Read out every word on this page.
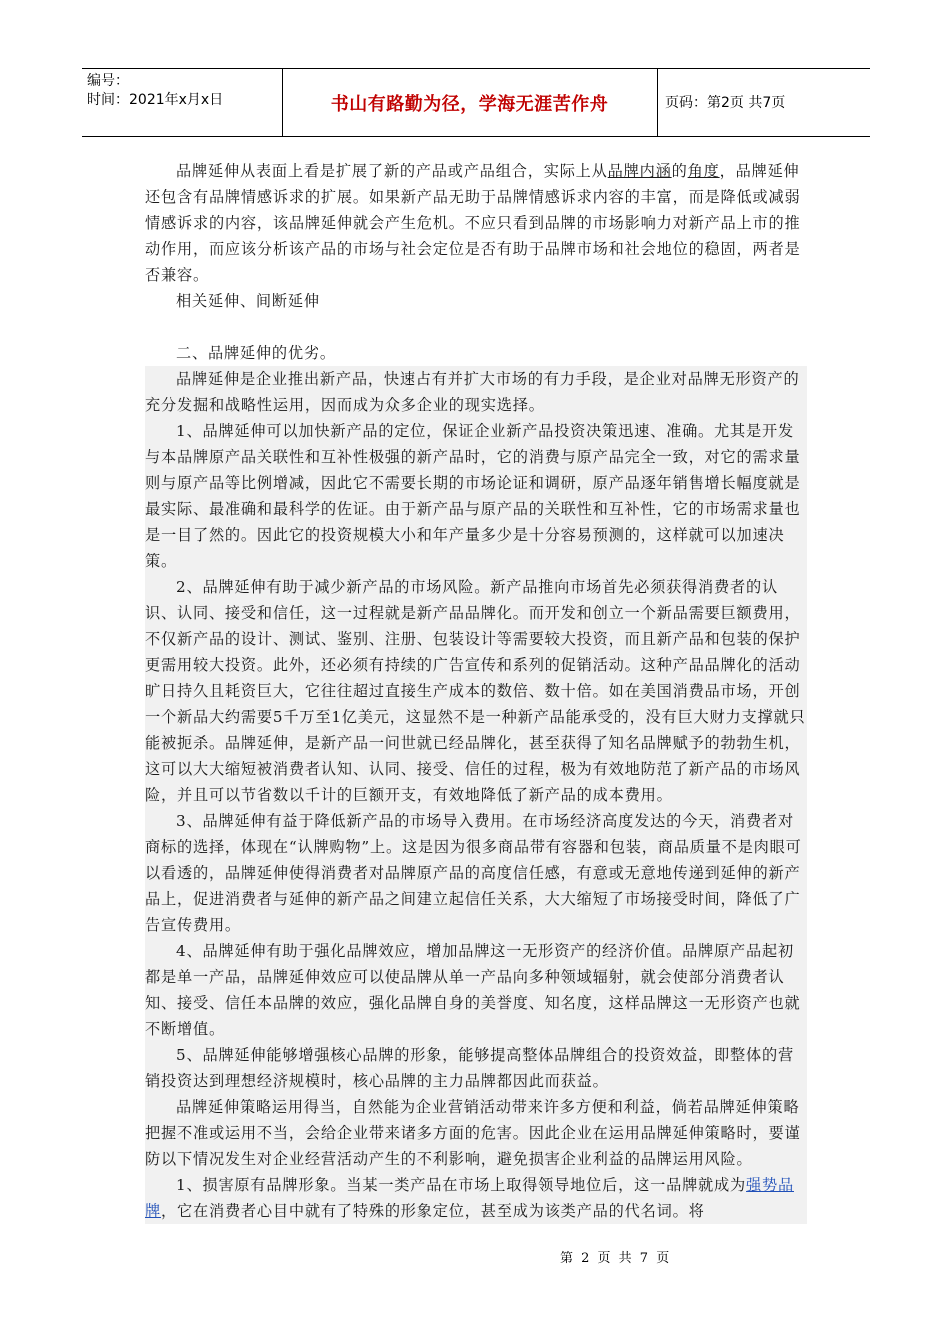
编号：
时间：2021年x月x日	书山有路勤为径，学海无涯苦作舟	页码：第2页 共7页

品牌延伸从表面上看是扩展了新的产品或产品组合，实际上从品牌内涵的角度，品牌延伸还包含有品牌情感诉求的扩展。如果新产品无助于品牌情感诉求内容的丰富，而是降低或减弱情感诉求的内容，该品牌延伸就会产生危机。不应只看到品牌的市场影响力对新产品上市的推动作用，而应该分析该产品的市场与社会定位是否有助于品牌市场和社会地位的稳固，两者是否兼容。

相关延伸、间断延伸

二、品牌延伸的优劣。

品牌延伸是企业推出新产品，快速占有并扩大市场的有力手段，是企业对品牌无形资产的充分发掘和战略性运用，因而成为众多企业的现实选择。

1、品牌延伸可以加快新产品的定位，保证企业新产品投资决策迅速、准确。尤其是开发与本品牌原产品关联性和互补性极强的新产品时，它的消费与原产品完全一致，对它的需求量则与原产品等比例增减，因此它不需要长期的市场论证和调研，原产品逐年销售增长幅度就是最实际、最准确和最科学的佐证。由于新产品与原产品的关联性和互补性，它的市场需求量也是一目了然的。因此它的投资规模大小和年产量多少是十分容易预测的，这样就可以加速决策。

2、品牌延伸有助于减少新产品的市场风险。新产品推向市场首先必须获得消费者的认识、认同、接受和信任，这一过程就是新产品品牌化。而开发和创立一个新品需要巨额费用，不仅新产品的设计、测试、鉴别、注册、包装设计等需要较大投资，而且新产品和包装的保护更需用较大投资。此外，还必须有持续的广告宣传和系列的促销活动。这种产品品牌化的活动旷日持久且耗资巨大，它往往超过直接生产成本的数倍、数十倍。如在美国消费品市场，开创一个新品大约需要5千万至1亿美元，这显然不是一种新产品能承受的，没有巨大财力支撑就只能被扼杀。品牌延伸，是新产品一问世就已经品牌化，甚至获得了知名品牌赋予的勃勃生机，这可以大大缩短被消费者认知、认同、接受、信任的过程，极为有效地防范了新产品的市场风险，并且可以节省数以千计的巨额开支，有效地降低了新产品的成本费用。

3、品牌延伸有益于降低新产品的市场导入费用。在市场经济高度发达的今天，消费者对商标的选择，体现在“认牌购物”上。这是因为很多商品带有容器和包装，商品质量不是肉眼可以看透的，品牌延伸使得消费者对品牌原产品的高度信任感，有意或无意地传递到延伸的新产品上，促进消费者与延伸的新产品之间建立起信任关系，大大缩短了市场接受时间，降低了广告宣传费用。

4、品牌延伸有助于强化品牌效应，增加品牌这一无形资产的经济价值。品牌原产品起初都是单一产品，品牌延伸效应可以使品牌从单一产品向多种领域辐射，就会使部分消费者认知、接受、信任本品牌的效应，强化品牌自身的美誉度、知名度，这样品牌这一无形资产也就不断增值。

5、品牌延伸能够增强核心品牌的形象，能够提高整体品牌组合的投资效益，即整体的营销投资达到理想经济规模时，核心品牌的主力品牌都因此而获益。

品牌延伸策略运用得当，自然能为企业营销活动带来许多方便和利益，倘若品牌延伸策略把握不准或运用不当，会给企业带来诸多方面的危害。因此企业在运用品牌延伸策略时，要谨防以下情况发生对企业经营活动产生的不利影响，避免损害企业利益的品牌运用风险。

1、损害原有品牌形象。当某一类产品在市场上取得领导地位后，这一品牌就成为强势品牌，它在消费者心目中就有了特殊的形象定位，甚至成为该类产品的代名词。将

第 2 页 共 7 页
